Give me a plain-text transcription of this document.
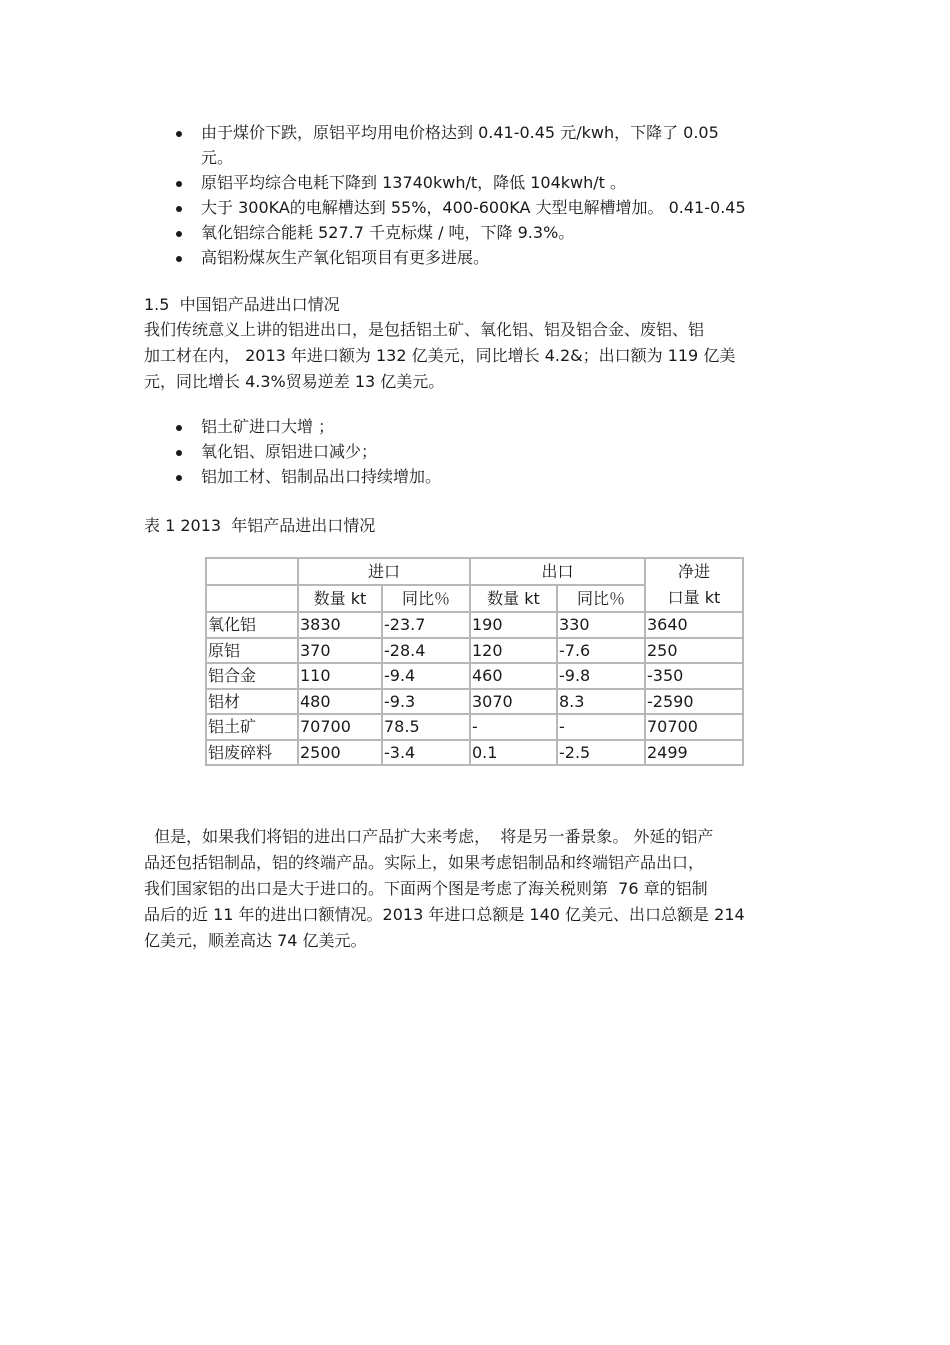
由于煤价下跌，原铝平均用电价格达到 0.41-0.45 元/kwh，下降了 0.05
元。
原铝平均综合电耗下降到 13740kwh/t，降低 104kwh/t 。
大于 300KA的电解槽达到 55%，400-600KA 大型电解槽增加。 0.41-0.45
氧化铝综合能耗 527.7 千克标煤 / 吨，下降 9.3%。
高铝粉煤灰生产氧化铝项目有更多进展。
1.5  中国铝产品进出口情况

我们传统意义上讲的铝进出口，是包括铝土矿、氧化铝、铝及铝合金、废铝、铝
加工材在内， 2013 年进口额为 132 亿美元，同比增长 4.2&；出口额为 119 亿美
元，同比增长 4.3%贸易逆差 13 亿美元。

铝土矿进口大增 ；
氧化铝、原铝进口减少；
铝加工材、铝制品出口持续增加。
表 1 2013  年铝产品进出口情况
	进口		出口		净进
口量 kt

	数量 kt	同比％	数量 kt	同比％	
氧化铝	3830	-23.7	190	330	3640
原铝	370	-28.4	120	-7.6	250
铝合金	110	-9.4	460	-9.8	-350
铝材	480	-9.3	3070	8.3	-2590
铝土矿	70700	78.5	-	-	70700
铝废碎料	2500	-3.4	0.1	-2.5	2499

但是，如果我们将铝的进出口产品扩大来考虑，  将是另一番景象。 外延的铝产
品还包括铝制品，铝的终端产品。实际上，如果考虑铝制品和终端铝产品出口，
我们国家铝的出口是大于进口的。下面两个图是考虑了海关税则第  76 章的铝制
品后的近 11 年的进出口额情况。2013 年进口总额是 140 亿美元、出口总额是 214
亿美元，顺差高达 74 亿美元。
